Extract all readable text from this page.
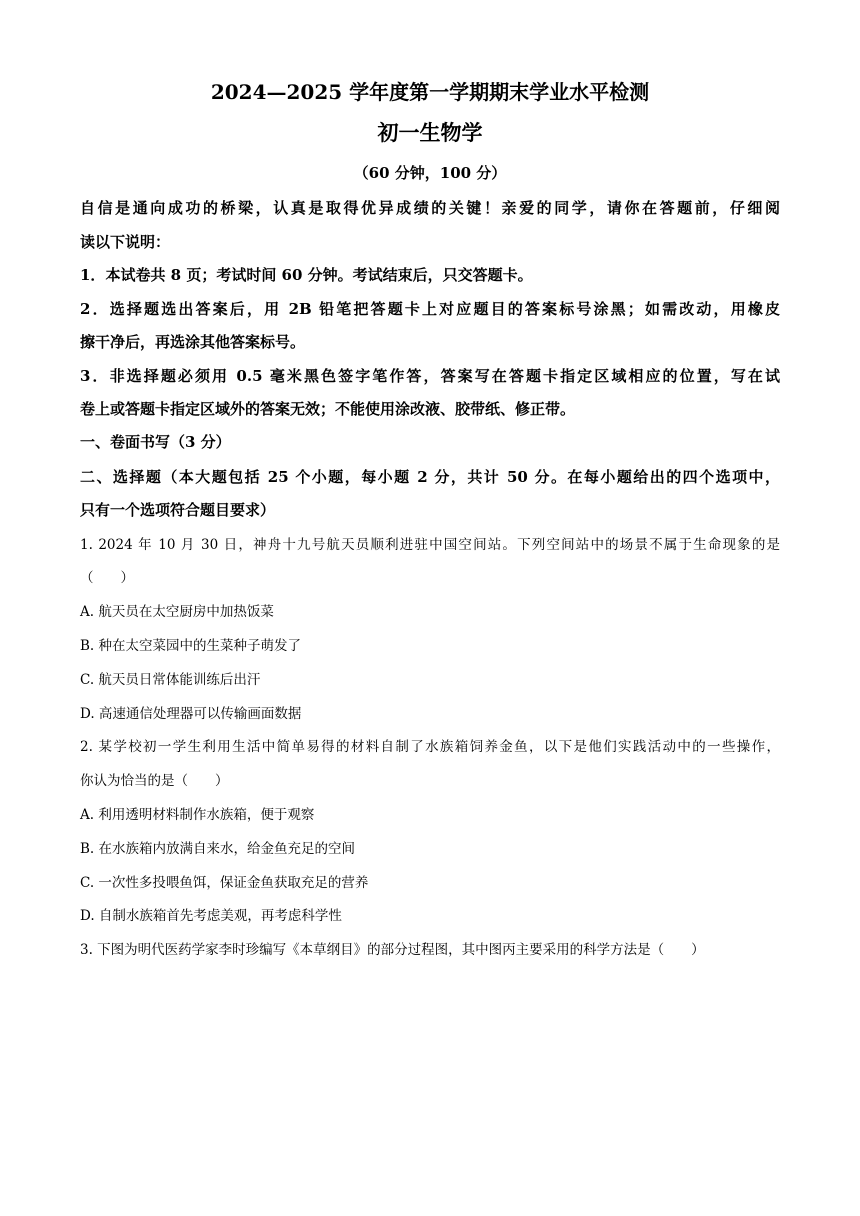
2024—2025 学年度第一学期期末学业水平检测
初一生物学
（60 分钟，100 分）
自信是通向成功的桥梁，认真是取得优异成绩的关键！亲爱的同学，请你在答题前，仔细阅
读以下说明：
1．本试卷共 8 页；考试时间 60 分钟。考试结束后，只交答题卡。
2．选择题选出答案后，用 2B 铅笔把答题卡上对应题目的答案标号涂黑；如需改动，用橡皮
擦干净后，再选涂其他答案标号。
3．非选择题必须用 0.5 毫米黑色签字笔作答，答案写在答题卡指定区域相应的位置，写在试
卷上或答题卡指定区域外的答案无效；不能使用涂改液、胶带纸、修正带。
一、卷面书写（3 分）
二、选择题（本大题包括 25 个小题，每小题 2 分，共计 50 分。在每小题给出的四个选项中，
只有一个选项符合题目要求）
1. 2024 年 10 月 30 日，神舟十九号航天员顺利进驻中国空间站。下列空间站中的场景不属于生命现象的是
（　　）
A. 航天员在太空厨房中加热饭菜
B. 种在太空菜园中的生菜种子萌发了
C. 航天员日常体能训练后出汗
D. 高速通信处理器可以传输画面数据
2. 某学校初一学生利用生活中简单易得的材料自制了水族箱饲养金鱼，以下是他们实践活动中的一些操作，
你认为恰当的是（　　）
A. 利用透明材料制作水族箱，便于观察
B. 在水族箱内放满自来水，给金鱼充足的空间
C. 一次性多投喂鱼饵，保证金鱼获取充足的营养
D. 自制水族箱首先考虑美观，再考虑科学性
3. 下图为明代医药学家李时珍编写《本草纲目》的部分过程图，其中图丙主要采用的科学方法是（　　）
